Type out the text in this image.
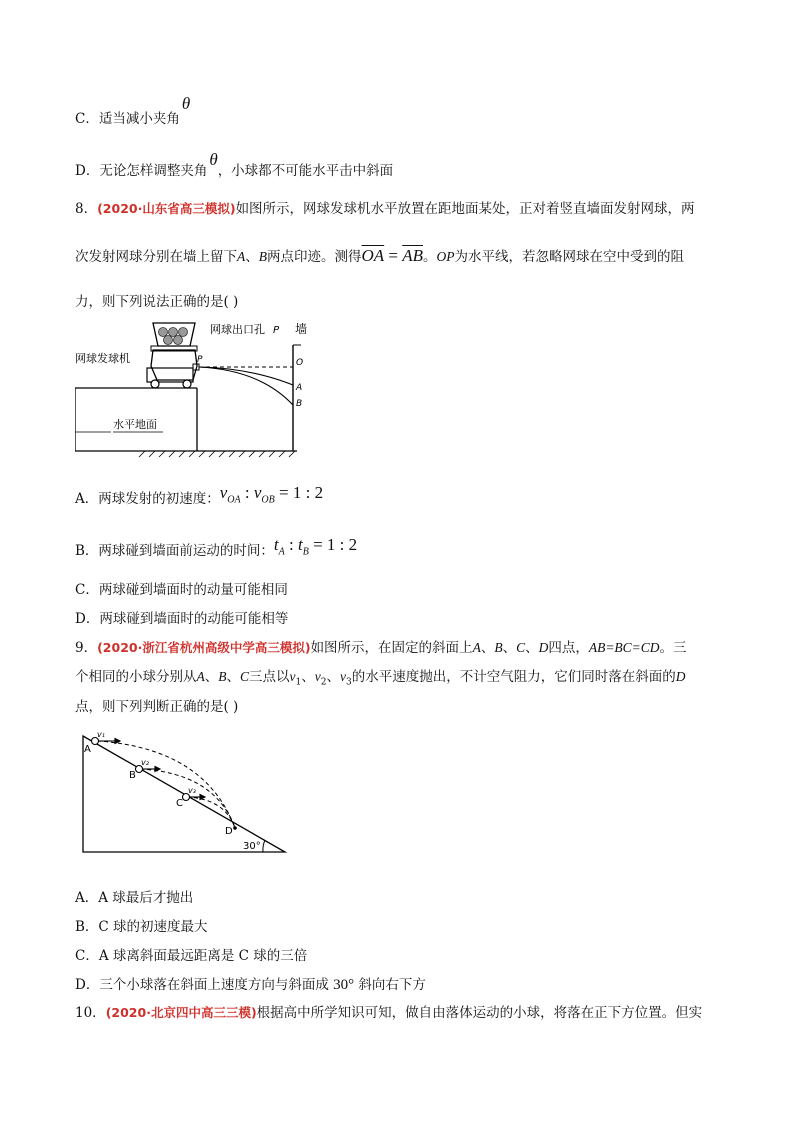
C．适当减小夹角θ
D．无论怎样调整夹角θ，小球都不可能水平击中斜面
8．(2020·山东省高三模拟)如图所示，网球发球机水平放置在距地面某处，正对着竖直墙面发射网球，两
次发射网球分别在墙上留下A、B两点印迹。测得$\overline{OA} = \overline{AB}$。OP为水平线，若忽略网球在空中受到的阻
力，则下列说法正确的是( )
网球发球机
网球出口孔 P 墙
P	O
A
B
水平地面
A．两球发射的初速度：$v_{OA}$ : $v_{OB} = 1$ : 2
B．两球碰到墙面前运动的时间：$t_A$ : $t_B = 1$ : 2
C．两球碰到墙面时的动量可能相同
D．两球碰到墙面时的动能可能相等
9．(2020·浙江省杭州高级中学高三模拟)如图所示，在固定的斜面上A、B、C、D四点，AB=BC=CD。三
个相同的小球分别从A、B、C三点以$v_1$、$v_2$、$v_3$的水平速度抛出，不计空气阻力，它们同时落在斜面的D
点，则下列判断正确的是( )
A
B
C
D
v₁
v₂
v₃
30°
A．A 球最后才抛出
B．C 球的初速度最大
C．A 球离斜面最远距离是 C 球的三倍
D．三个小球落在斜面上速度方向与斜面成 30° 斜向右下方
10．(2020·北京四中高三三模)根据高中所学知识可知，做自由落体运动的小球，将落在正下方位置。但实
